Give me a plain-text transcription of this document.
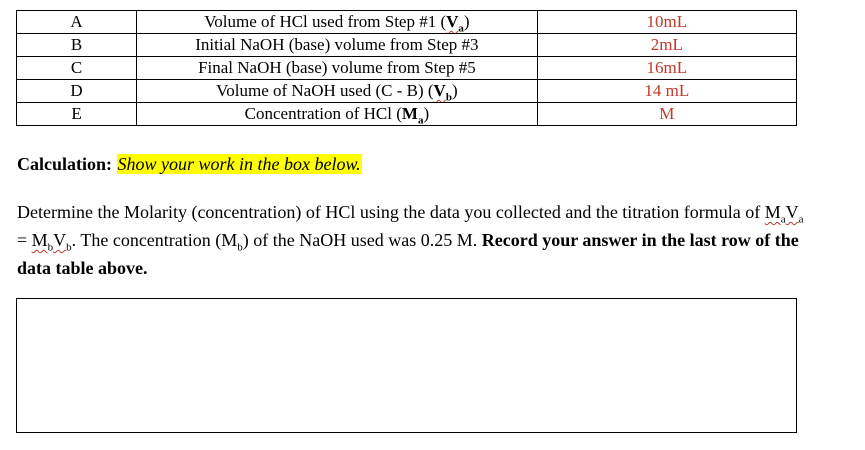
A	Volume of HCl used from Step #1 $(V_a)$	10mL
B	Initial NaOH (base) volume from Step #3	2mL
C	Final NaOH (base) volume from Step #5	16mL
D	Volume of NaOH used (C - B) $(V_b)$	14 mL
E	Concentration of HCl $(M_a)$	M
Calculation: Show your work in the box below.

Determine the Molarity (concentration) of HCl using the data you collected and the titration formula of $M_aV_a = M_bV_b$. The concentration $(M_b)$ of the NaOH used was 0.25 M. Record your answer in the last row of the data table above.
